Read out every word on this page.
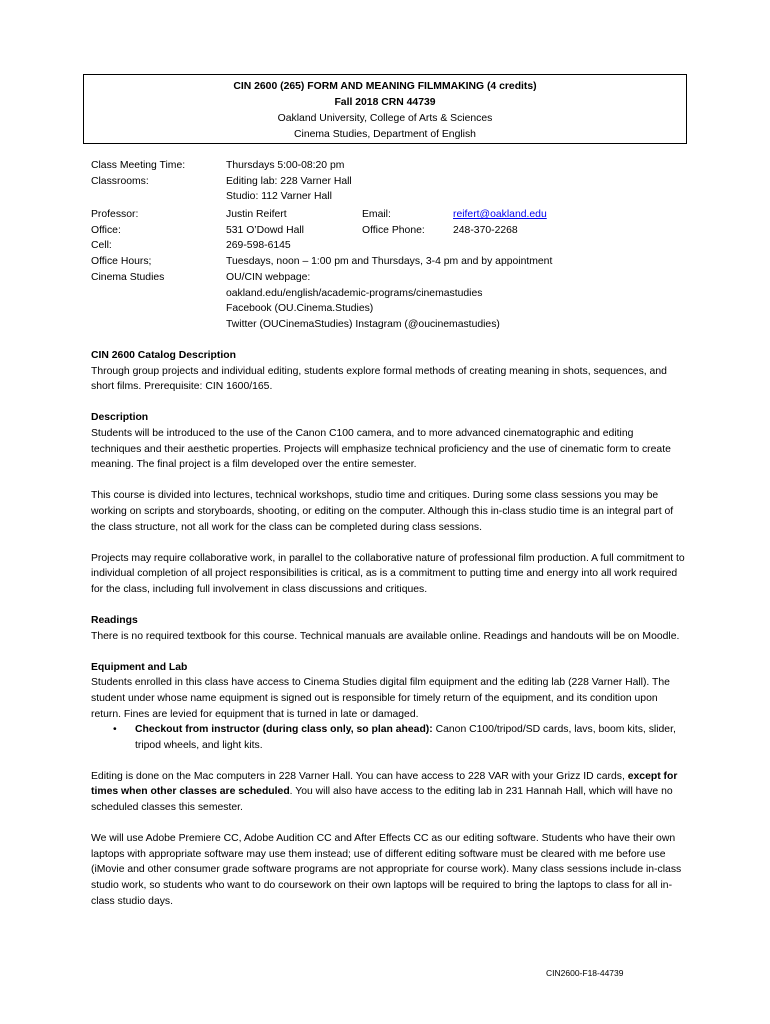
CIN 2600 (265) FORM AND MEANING FILMMAKING (4 credits)
Fall 2018 CRN 44739
Oakland University, College of Arts & Sciences
Cinema Studies, Department of English
Class Meeting Time:	Thursdays 5:00-08:20 pm
Classrooms:	Editing lab: 228 Varner Hall
Studio: 112 Varner Hall
Professor:	Justin Reifert	Email:	reifert@oakland.edu
Office:	531 O’Dowd Hall	Office Phone:	248-370-2268
Cell:	269-598-6145
Office Hours;	Tuesdays, noon – 1:00 pm and Thursdays, 3-4 pm and by appointment
Cinema Studies	OU/CIN webpage:
oakland.edu/english/academic-programs/cinemastudies
Facebook (OU.Cinema.Studies)
Twitter (OUCinemaStudies) Instagram (@oucinemastudies)
CIN 2600 Catalog Description

Through group projects and individual editing, students explore formal methods of creating meaning in shots, sequences, and short films. Prerequisite: CIN 1600/165.

Description

Students will be introduced to the use of the Canon C100 camera, and to more advanced cinematographic and editing techniques and their aesthetic properties. Projects will emphasize technical proficiency and the use of cinematic form to create meaning. The final project is a film developed over the entire semester.

This course is divided into lectures, technical workshops, studio time and critiques. During some class sessions you may be working on scripts and storyboards, shooting, or editing on the computer. Although this in-class studio time is an integral part of the class structure, not all work for the class can be completed during class sessions.

Projects may require collaborative work, in parallel to the collaborative nature of professional film production. A full commitment to individual completion of all project responsibilities is critical, as is a commitment to putting time and energy into all work required for the class, including full involvement in class discussions and critiques.

Readings

There is no required textbook for this course. Technical manuals are available online. Readings and handouts will be on Moodle.

Equipment and Lab

Students enrolled in this class have access to Cinema Studies digital film equipment and the editing lab (228 Varner Hall). The student under whose name equipment is signed out is responsible for timely return of the equipment, and its condition upon return. Fines are levied for equipment that is turned in late or damaged.

• Checkout from instructor (during class only, so plan ahead): Canon C100/tripod/SD cards, lavs, boom kits, slider, tripod wheels, and light kits.

Editing is done on the Mac computers in 228 Varner Hall. You can have access to 228 VAR with your Grizz ID cards, except for times when other classes are scheduled. You will also have access to the editing lab in 231 Hannah Hall, which will have no scheduled classes this semester.

We will use Adobe Premiere CC, Adobe Audition CC and After Effects CC as our editing software. Students who have their own laptops with appropriate software may use them instead; use of different editing software must be cleared with me before use (iMovie and other consumer grade software programs are not appropriate for course work). Many class sessions include in-class studio work, so students who want to do coursework on their own laptops will be required to bring the laptops to class for all in-class studio days.

CIN2600-F18-44739
